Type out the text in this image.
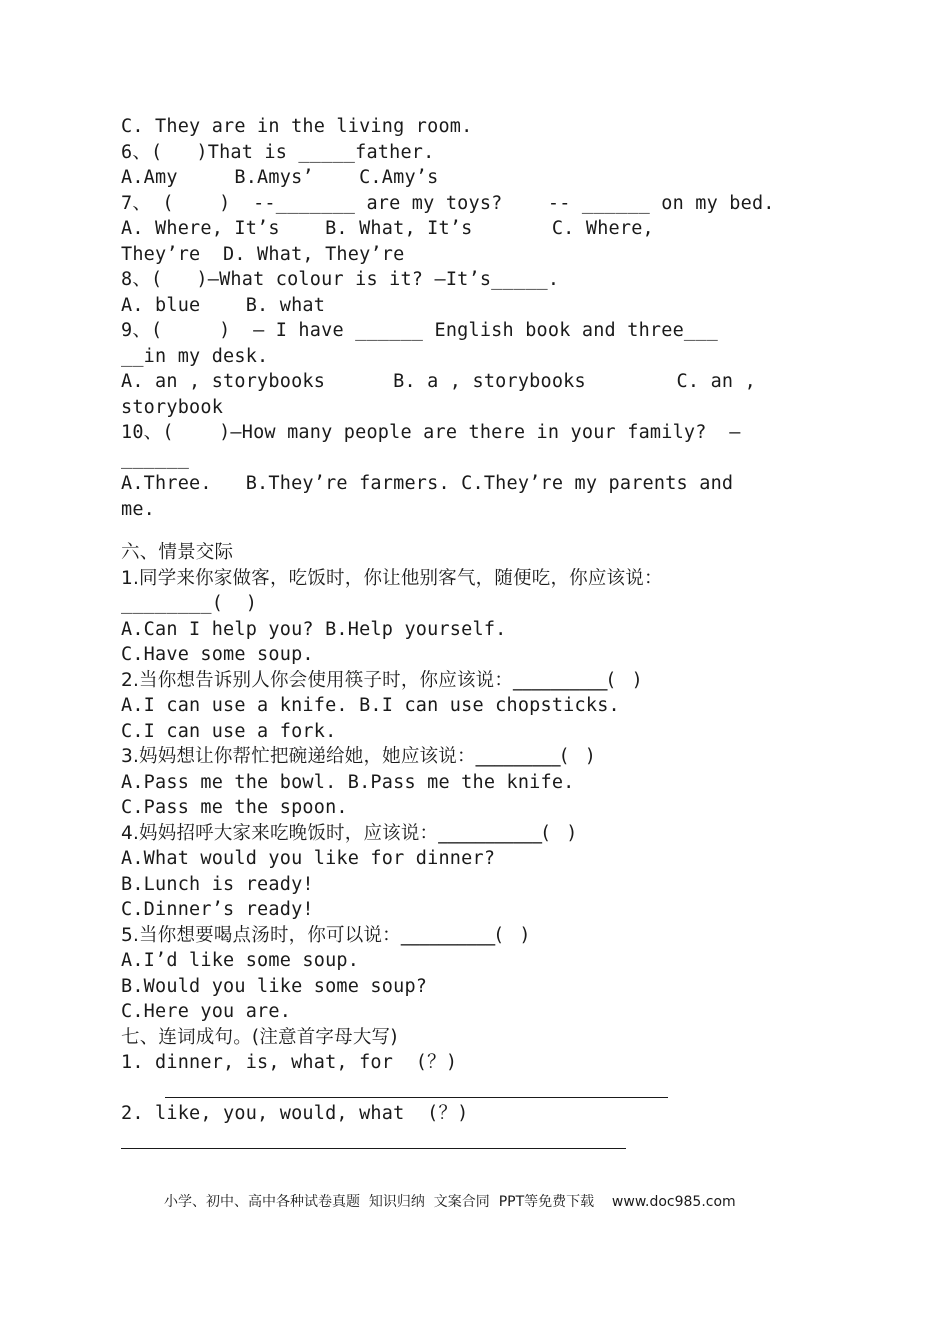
C. They are in the living room.
6、(   )That is _____father.
A.Amy     B.Amys’    C.Amy’s
7、 (    )  --_______ are my toys?    -- ______ on my bed.
A. Where, It’s    B. What, It’s       C. Where,
They’re  D. What, They’re
8、(   )—What colour is it? —It’s_____.
A. blue    B. what
9、(     )  — I have ______ English book and three___
__in my desk.
A. an , storybooks      B. a , storybooks        C. an ,
storybook
10、(    )—How many people are there in your family?  —
______
A.Three.   B.They’re farmers. C.They’re my parents and
me.
六、情景交际
1.同学来你家做客，吃饭时，你让他别客气，随便吃，你应该说：
________(  )
A.Can I help you? B.Help yourself.
C.Have some soup.
2.当你想告诉别人你会使用筷子时，你应该说：__________(   )
A.I can use a knife. B.I can use chopsticks.
C.I can use a fork.
3.妈妈想让你帮忙把碗递给她，她应该说：_________(   )
A.Pass me the bowl. B.Pass me the knife.
C.Pass me the spoon.
4.妈妈招呼大家来吃晚饭时，应该说：___________(   )
A.What would you like for dinner?
B.Lunch is ready!
C.Dinner’s ready!
5.当你想要喝点汤时，你可以说：__________(   )
A.I’d like some soup.
B.Would you like some soup?
C.Here you are.
七、连词成句。(注意首字母大写)
1. dinner, is, what, for  (？)
2. like, you, would, what  (？)
小学、初中、高中各种试卷真题  知识归纳  文案合同  PPT等免费下载    www.doc985.com
